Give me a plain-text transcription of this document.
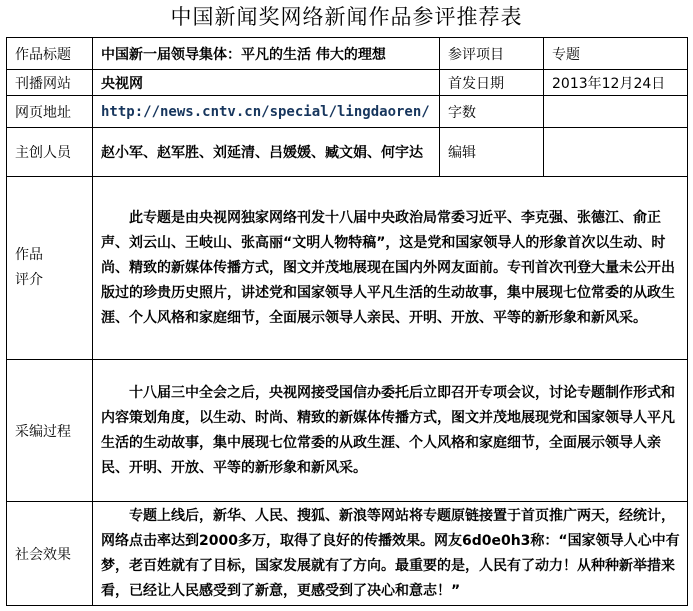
中国新闻奖网络新闻作品参评推荐表
作品标题	中国新一届领导集体：平凡的生活 伟大的理想	参评项目	专题
刊播网站	央视网	首发日期	2013年12月24日
网页地址	http://news.cntv.cn/special/lingdaoren/	字数	
主创人员	赵小军、赵军胜、刘延清、吕媛媛、臧文娟、何宇达	编辑	

作品
评介	此专题是由央视网独家网络刊发十八届中央政治局常委习近平、李克强、张德江、俞正声、刘云山、王岐山、张高丽“文明人物特稿”，这是党和国家领导人的形象首次以生动、时尚、精致的新媒体传播方式，图文并茂地展现在国内外网友面前。专刊首次刊登大量未公开出版过的珍贵历史照片，讲述党和国家领导人平凡生活的生动故事，集中展现七位常委的从政生涯、个人风格和家庭细节，全面展示领导人亲民、开明、开放、平等的新形象和新风采。		

采编过程	十八届三中全会之后，央视网接受国信办委托后立即召开专项会议，讨论专题制作形式和内容策划角度，以生动、时尚、精致的新媒体传播方式，图文并茂地展现党和国家领导人平凡生活的生动故事，集中展现七位常委的从政生涯、个人风格和家庭细节，全面展示领导人亲民、开明、开放、平等的新形象和新风采。		

社会效果	专题上线后，新华、人民、搜狐、新浪等网站将专题原链接置于首页推广两天，经统计，网络点击率达到2000多万，取得了良好的传播效果。网友6d0e0h3称：“国家领导人心中有梦，老百姓就有了目标，国家发展就有了方向。最重要的是，人民有了动力！从种种新举措来看，已经让人民感受到了新意，更感受到了决心和意志！”		
